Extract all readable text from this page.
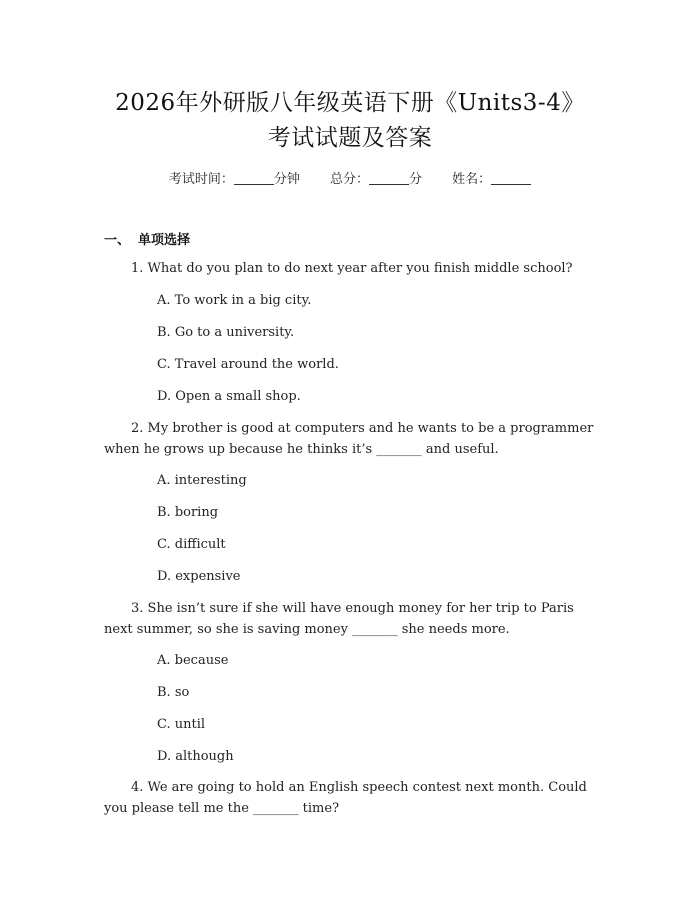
2026年外研版八年级英语下册《Units3-4》
考试试题及答案
考试时间：	分钟 总分：	分 姓名：
一、 单项选择
1. What do you plan to do next year after you finish middle school?
A. To work in a big city.
B. Go to a university.
C. Travel around the world.
D. Open a small shop.
2. My brother is good at computers and he wants to be a programmer when he grows up because he thinks it’s _______ and useful.
A. interesting
B. boring
C. difficult
D. expensive
3. She isn’t sure if she will have enough money for her trip to Paris next summer, so she is saving money _______ she needs more.
A. because
B. so
C. until
D. although
4. We are going to hold an English speech contest next month. Could you please tell me the _______ time?
